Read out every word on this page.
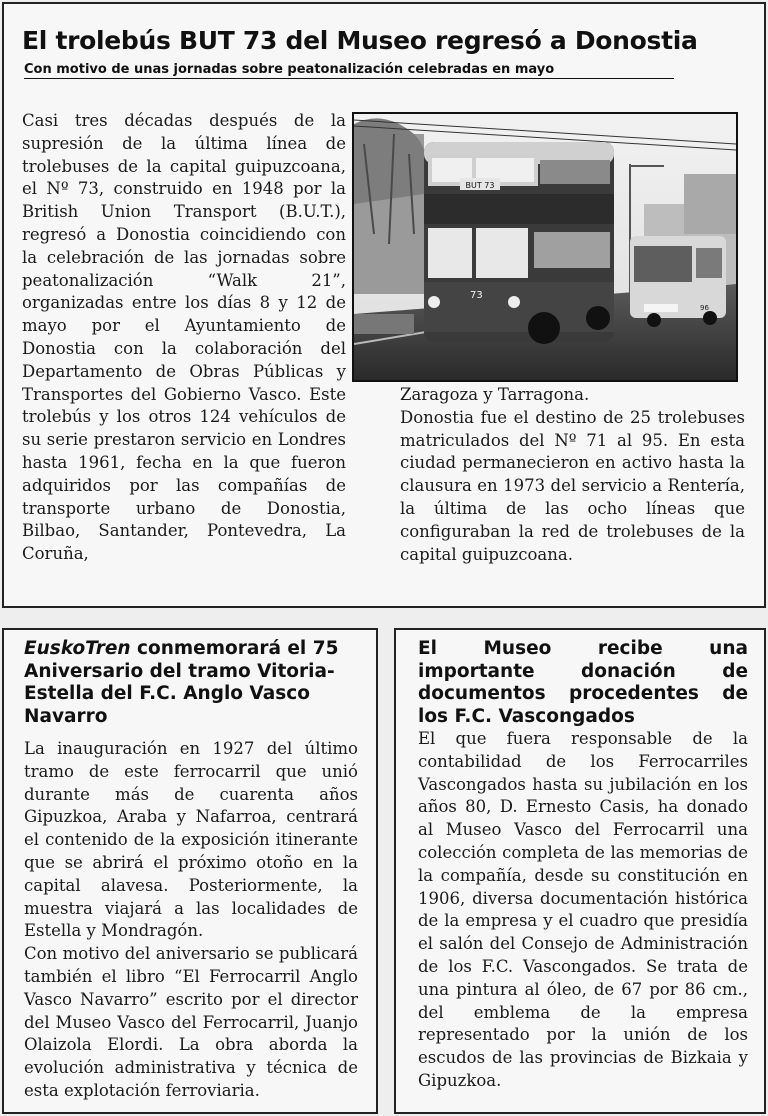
El trolebús BUT 73 del Museo regresó a Donostia
Con motivo de unas jornadas sobre peatonalización celebradas en mayo

Casi tres décadas después de la supresión de la última línea de trolebuses de la capital guipuzcoana, el Nº 73, construido en 1948 por la British Union Transport (B.U.T.), regresó a Donostia coincidiendo con la celebración de las jornadas sobre peatonalización “Walk 21”, organizadas entre los días 8 y 12 de mayo por el Ayuntamiento de Donostia con la colaboración del Departamento de Obras Públicas y Transportes del Gobierno Vasco. Este trolebús y los otros 124 vehículos de su serie prestaron servicio en Londres hasta 1961, fecha en la que fueron adquiridos por las compañías de transporte urbano de Donostia, Bilbao, Santander, Pontevedra, La Coruña,

BUT 73
73
96

Zaragoza y Tarragona.
Donostia fue el destino de 25 trolebuses matriculados del Nº 71 al 95. En esta ciudad permanecieron en activo hasta la clausura en 1973 del servicio a Rentería, la última de las ocho líneas que configuraban la red de trolebuses de la capital guipuzcoana.

EuskoTren conmemorará el 75 Aniversario del tramo Vitoria-Estella del F.C. Anglo Vasco Navarro

La inauguración en 1927 del último tramo de este ferrocarril que unió durante más de cuarenta años Gipuzkoa, Araba y Nafarroa, centrará el contenido de la exposición itinerante que se abrirá el próximo otoño en la capital alavesa. Posteriormente, la muestra viajará a las localidades de Estella y Mondragón.

Con motivo del aniversario se publicará también el libro “El Ferrocarril Anglo Vasco Navarro” escrito por el director del Museo Vasco del Ferrocarril, Juanjo Olaizola Elordi. La obra aborda la evolución administrativa y técnica de esta explotación ferroviaria.

El Museo recibe una importante donación de documentos procedentes de los F.C. Vascongados

El que fuera responsable de la contabilidad de los Ferrocarriles Vascongados hasta su jubilación en los años 80, D. Ernesto Casis, ha donado al Museo Vasco del Ferrocarril una colección completa de las memorias de la compañía, desde su constitución en 1906, diversa documentación histórica de la empresa y el cuadro que presidía el salón del Consejo de Administración de los F.C. Vascongados. Se trata de una pintura al óleo, de 67 por 86 cm., del emblema de la empresa representado por la unión de los escudos de las provincias de Bizkaia y Gipuzkoa.
